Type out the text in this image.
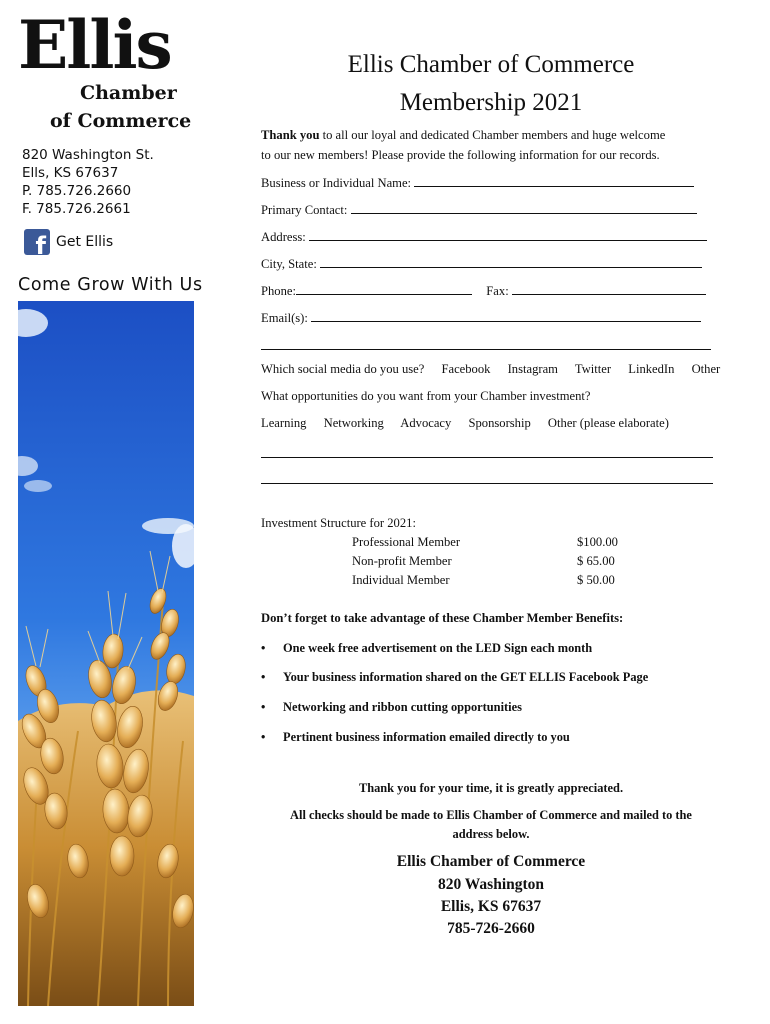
Ellis
Chamber
of Commerce
820 Washington St.
Ells, KS 67637
P. 785.726.2660
F. 785.726.2661
f Get Ellis
Come Grow With Us
Ellis Chamber of Commerce
Membership 2021
Thank you to all our loyal and dedicated Chamber members and huge welcome
to our new members! Please provide the following information for our records.
Business or Individual Name:
Primary Contact:
Address:
City, State:
Phone:	Fax:
Email(s):
Which social media do you use? Facebook Instagram Twitter LinkedIn Other
What opportunities do you want from your Chamber investment?
Learning Networking Advocacy Sponsorship Other (please elaborate)
Investment Structure for 2021:
Professional Member	$100.00
Non-profit Member	$ 65.00
Individual Member	$ 50.00
Don’t forget to take advantage of these Chamber Member Benefits:
• One week free advertisement on the LED Sign each month
• Your business information shared on the GET ELLIS Facebook Page
• Networking and ribbon cutting opportunities
• Pertinent business information emailed directly to you
Thank you for your time, it is greatly appreciated.
All checks should be made to Ellis Chamber of Commerce and mailed to the
address below.
Ellis Chamber of Commerce
820 Washington
Ellis, KS 67637
785-726-2660
